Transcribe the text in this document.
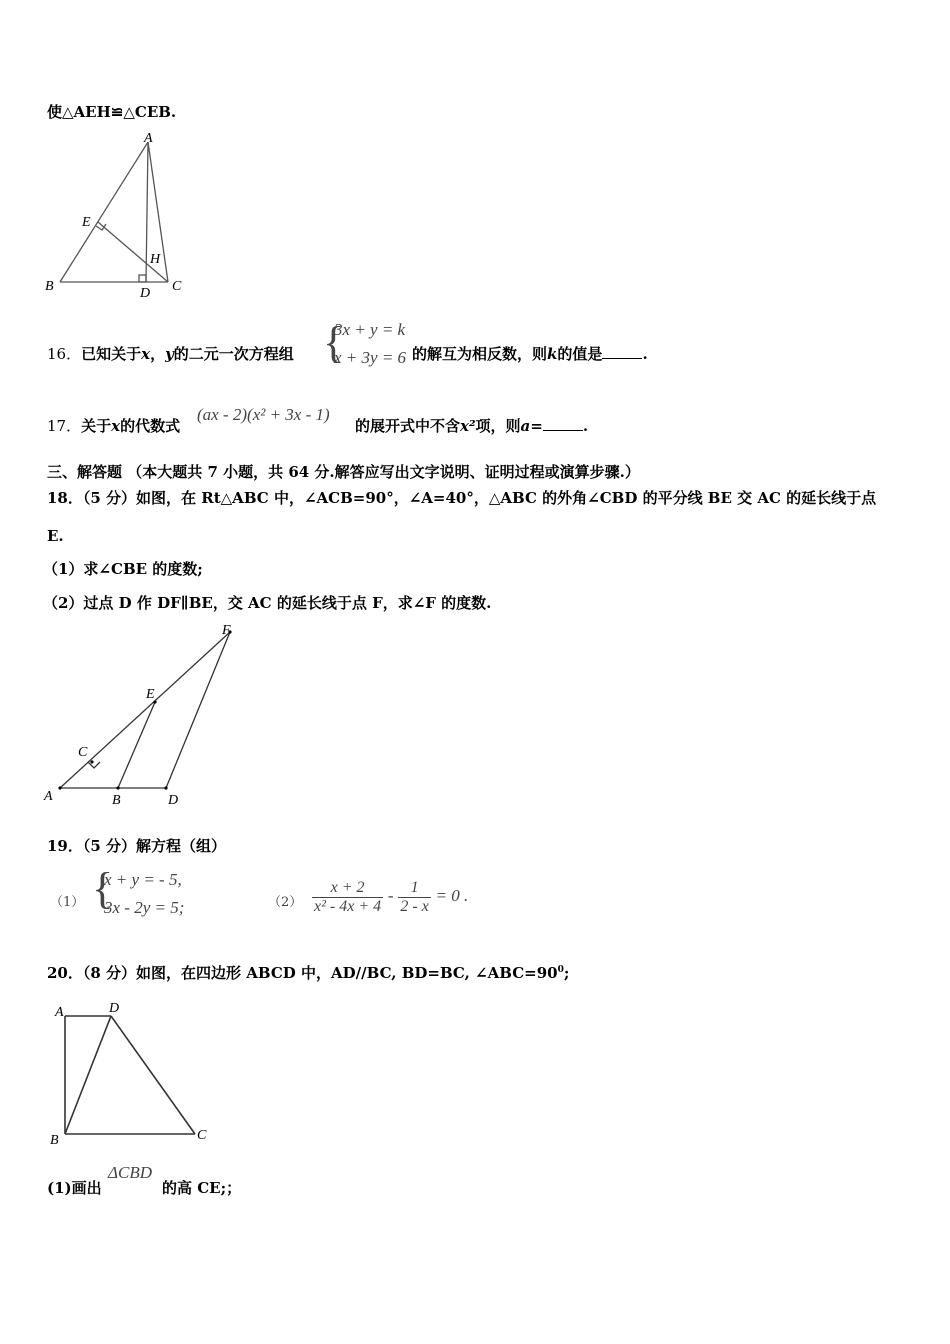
使△AEH≌△CEB.
A
B	C
D
E
H
16．已知关于x，y的二元一次方程组 {
3x + y = k
x + 3y = 6 的解互为相反数，则k的值是	.
17．关于x的代数式
(ax - 2)(x² + 3x - 1)
的展开式中不含x²项，则a=	.
三、解答题 （本大题共 7 小题，共 64 分.解答应写出文字说明、证明过程或演算步骤.）
18．（5 分）如图，在 Rt△ABC 中，∠ACB=90°，∠A=40°，△ABC 的外角∠CBD 的平分线 BE 交 AC 的延长线于点
E.
（1）求∠CBE 的度数;
（2）过点 D 作 DF∥BE，交 AC 的延长线于点 F，求∠F 的度数.
A	B
C
D
E
F
19．（5 分）解方程（组）
（1） {
x + y = - 5,
3x - 2y = 5;	$(2) \frac{x + 2}{\text{x² - 4x + 4}} - \frac{1}{2 - x} = 0$ .
20．（8 分）如图，在四边形 ABCD 中，AD//BC, BD=BC, $\angle ABC=90^0$;
A
B	C
D
(1)画出
ΔCBD
的高 CE;；
